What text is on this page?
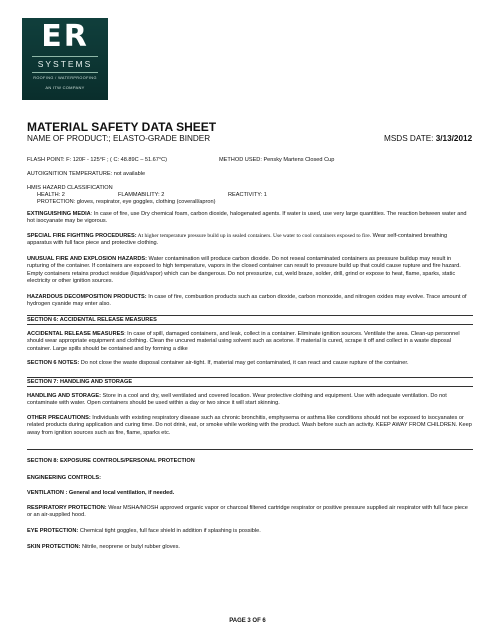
ER
SYSTEMS
ROOFING / WATERPROOFING
AN ITW COMPANY
MATERIAL SAFETY DATA SHEET
NAME OF PRODUCT:; ELASTO-GRADE BINDER	MSDS DATE: 3/13/2012
FLASH POINT: F: 120F - 125°F ; ( C: 48.89C – 51.67°C)	METHOD USED: Pensky Martens Closed Cup
AUTOIGNITION TEMPERATURE: not available
HMIS HAZARD CLASSIFICATION
HEALTH: 2	FLAMMABILITY: 2	REACTIVITY: 1
PROTECTION: gloves, respirator, eye goggles, clothing (coverall/apron)
EXTINGUISHING MEDIA: In case of fire, use Dry chemical foam, carbon dioxide, halogenated agents. If water is used, use very large quantities. The reaction between water and hot isocyanate may be vigorous.
SPECIAL FIRE FIGHTING PROCEDURES: At higher temperature pressure build up in sealed containers. Use water to cool containers exposed to fire. Wear self-contained breathing apparatus with full face piece and protective clothing.
UNUSUAL FIRE AND EXPLOSION HAZARDS: Water contamination will produce carbon dioxide. Do not reseal contaminated containers as pressure buildup may result in rupturing of the container. If containers are exposed to high temperature, vapors in the closed container can result to pressure build up that could cause rupture and fire hazard. Empty containers retains product residue (liquid/vapor) which can be dangerous. Do not pressurize, cut, weld braze, solder, drill, grind or expose to heat, flame, sparks, static electricity or other ignition sources.
HAZARDOUS DECOMPOSITION PRODUCTS: In case of fire, combustion products such as carbon dioxide, carbon monoxide, and nitrogen oxides may evolve. Trace amount of hydrogen cyanide may enter also.
SECTION 6: ACCIDENTAL RELEASE MEASURES
ACCIDENTAL RELEASE MEASURES: In case of spill, damaged containers, and leak, collect in a container. Eliminate ignition sources. Ventilate the area. Clean-up personnel should wear appropriate equipment and clothing. Clean the uncured material using solvent such as acetone. If material is cured, scrape it off and collect in a waste disposal container. Large spills should be contained and by forming a dike
SECTION 6 NOTES: Do not close the waste disposal container air-tight. If, material may get contaminated, it can react and cause rupture of the container.
SECTION 7: HANDLING AND STORAGE
HANDLING AND STORAGE: Store in a cool and dry, well ventilated and covered location. Wear protective clothing and equipment. Use with adequate ventilation. Do not contaminate with water. Open containers should be used within a day or two since it will start skinning.
OTHER PRECAUTIONS: Individuals with existing respiratory disease such as chronic bronchitis, emphysema or asthma like conditions should not be exposed to isocyanates or related products during application and curing time. Do not drink, eat, or smoke while working with the product. Wash before such an activity. KEEP AWAY FROM CHILDREN. Keep away from ignition sources such as fire, flame, sparks etc.
SECTION 8: EXPOSURE CONTROLS/PERSONAL PROTECTION
ENGINEERING CONTROLS:
VENTILATION : General and local ventilation, if needed.
RESPIRATORY PROTECTION: Wear MSHA/NIOSH approved organic vapor or charcoal filtered cartridge respirator or positive pressure supplied air respirator with full face piece or an air-supplied hood.
EYE PROTECTION: Chemical tight goggles, full face shield in addition if splashing is possible.
SKIN PROTECTION: Nitrile, neoprene or butyl rubber gloves.
PAGE 3 OF 6
